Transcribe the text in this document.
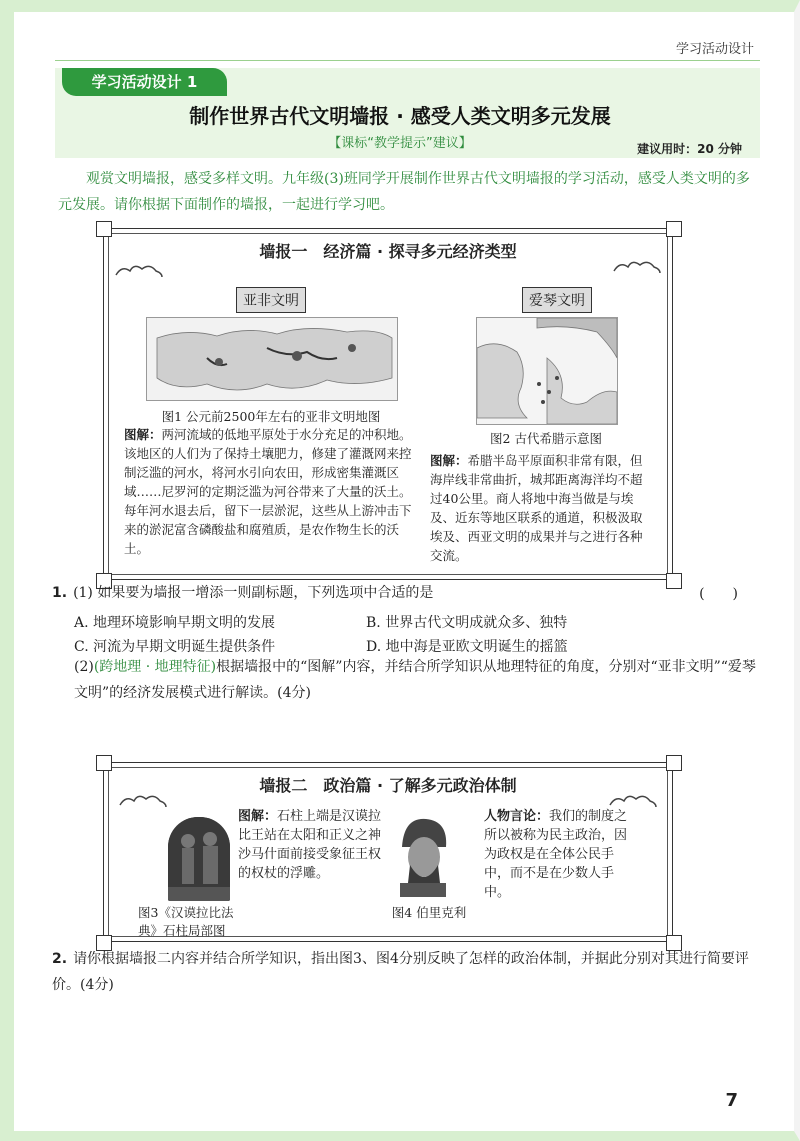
学习活动设计
学习活动设计 1
制作世界古代文明墙报 · 感受人类文明多元发展
【课标“教学提示”建议】	建议用时：20 分钟
观赏文明墙报，感受多样文明。九年级(3)班同学开展制作世界古代文明墙报的学习活动，感受人类文明的多元发展。请你根据下面制作的墙报，一起进行学习吧。
墙报一　经济篇 · 探寻多元经济类型
亚非文明	爱琴文明
图1 公元前2500年左右的亚非文明地图
图解：两河流域的低地平原处于水分充足的冲积地。该地区的人们为了保持土壤肥力，修建了灌溉网来控制泛滥的河水，将河水引向农田，形成密集灌溉区域……尼罗河的定期泛滥为河谷带来了大量的沃土。每年河水退去后，留下一层淤泥，这些从上游冲击下来的淤泥富含磷酸盐和腐殖质，是农作物生长的沃土。
图2 古代希腊示意图
图解：希腊半岛平原面积非常有限，但海岸线非常曲折，城邦距离海洋均不超过40公里。商人将地中海当做是与埃及、近东等地区联系的通道，积极汲取埃及、西亚文明的成果并与之进行各种交流。
1. (1) 如果要为墙报一增添一则副标题，下列选项中合适的是	(　　)
A. 地理环境影响早期文明的发展	B. 世界古代文明成就众多、独特
C. 河流为早期文明诞生提供条件	D. 地中海是亚欧文明诞生的摇篮
(2)(跨地理 · 地理特征)根据墙报中的“图解”内容，并结合所学知识从地理特征的角度，分别对“亚非文明”“爱琴文明”的经济发展模式进行解读。(4分)
墙报二　政治篇 · 了解多元政治体制
图解：石柱上端是汉谟拉比王站在太阳和正义之神沙马什面前接受象征王权的权杖的浮雕。
图3《汉谟拉比法典》石柱局部图
人物言论：我们的制度之所以被称为民主政治，因为政权是在全体公民手中，而不是在少数人手中。
图4 伯里克利
2. 请你根据墙报二内容并结合所学知识，指出图3、图4分别反映了怎样的政治体制，并据此分别对其进行简要评价。(4分)
7
